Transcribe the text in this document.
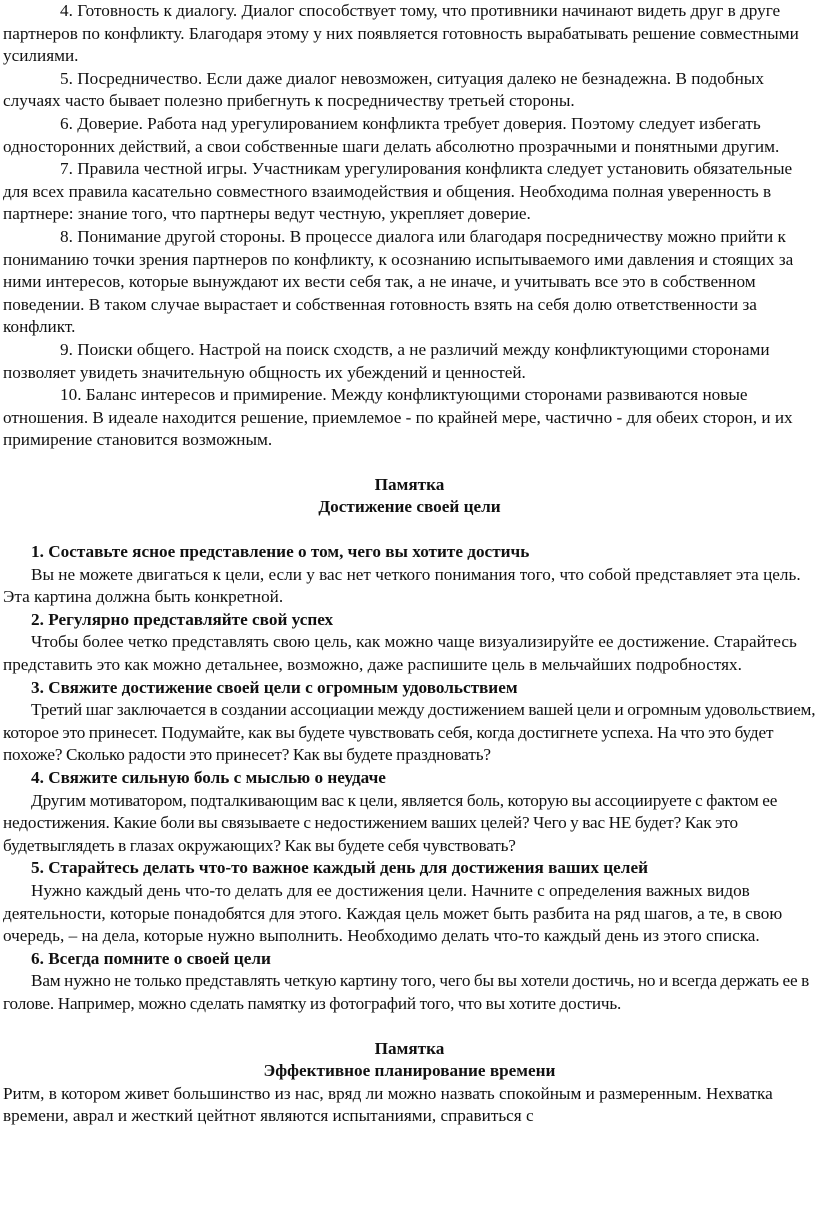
4. Готовность к диалогу. Диалог способствует тому, что противники начинают видеть друг в друге партнеров по конфликту. Благодаря этому у них появляется готовность вырабатывать решение совместными усилиями.

5. Посредничество. Если даже диалог невозможен, ситуация далеко не безнадежна. В подобных случаях часто бывает полезно прибегнуть к посредничеству третьей стороны.

6. Доверие. Работа над урегулированием конфликта требует доверия. Поэтому следует избегать односторонних действий, а свои собственные шаги делать абсолютно прозрачными и понятными другим.

7. Правила честной игры. Участникам урегулирования конфликта следует установить обязательные для всех правила касательно совместного взаимодействия и общения. Необходима полная уверенность в партнере: знание того, что партнеры ведут честную, укрепляет доверие.

8. Понимание другой стороны. В процессе диалога или благодаря посредничеству можно прийти к пониманию точки зрения партнеров по конфликту, к осознанию испытываемого ими давления и стоящих за ними интересов, которые вынуждают их вести себя так, а не иначе, и учитывать все это в собственном поведении. В таком случае вырастает и собственная готовность взять на себя долю ответственности за конфликт.

9. Поиски общего. Настрой на поиск сходств, а не различий между конфликтующими сторонами позволяет увидеть значительную общность их убеждений и ценностей.

10. Баланс интересов и примирение. Между конфликтующими сторонами развиваются новые отношения. В идеале находится решение, приемлемое - по крайней мере, частично - для обеих сторон, и их примирение становится возможным.

Памятка

Достижение своей цели

1. Составьте ясное представление о том, чего вы хотите достичь

Вы не можете двигаться к цели, если у вас нет четкого понимания того, что собой представляет эта цель. Эта картина должна быть конкретной.

2. Регулярно представляйте свой успех

Чтобы более четко представлять свою цель, как можно чаще визуализируйте ее достижение. Старайтесь представить это как можно детальнее, возможно, даже распишите цель в мельчайших подробностях.

3. Свяжите достижение своей цели с огромным удовольствием

Третий шаг заключается в создании ассоциации между достижением вашей цели и огромным удовольствием, которое это принесет. Подумайте, как вы будете чувствовать себя, когда достигнете успеха. На что это будет похоже? Сколько радости это принесет? Как вы будете праздновать?

4. Свяжите сильную боль с мыслью о неудаче

Другим мотиватором, подталкивающим вас к цели, является боль, которую вы ассоциируете с фактом ее недостижения. Какие боли вы связываете с недостижением ваших целей? Чего у вас НЕ будет? Как это будетвыглядеть в глазах окружающих? Как вы будете себя чувствовать?

5. Старайтесь делать что-то важное каждый день для достижения ваших целей

Нужно каждый день что-то делать для ее достижения цели. Начните с определения важных видов деятельности, которые понадобятся для этого. Каждая цель может быть разбита на ряд шагов, а те, в свою очередь, – на дела, которые нужно выполнить. Необходимо делать что-то каждый день из этого списка.

6. Всегда помните о своей цели

Вам нужно не только представлять четкую картину того, чего бы вы хотели достичь, но и всегда держать ее в голове. Например, можно сделать памятку из фотографий того, что вы хотите достичь.

Памятка

Эффективное планирование времени

Ритм, в котором живет большинство из нас, вряд ли можно назвать спокойным и размеренным. Нехватка времени, аврал и жесткий цейтнот являются испытаниями, справиться с
